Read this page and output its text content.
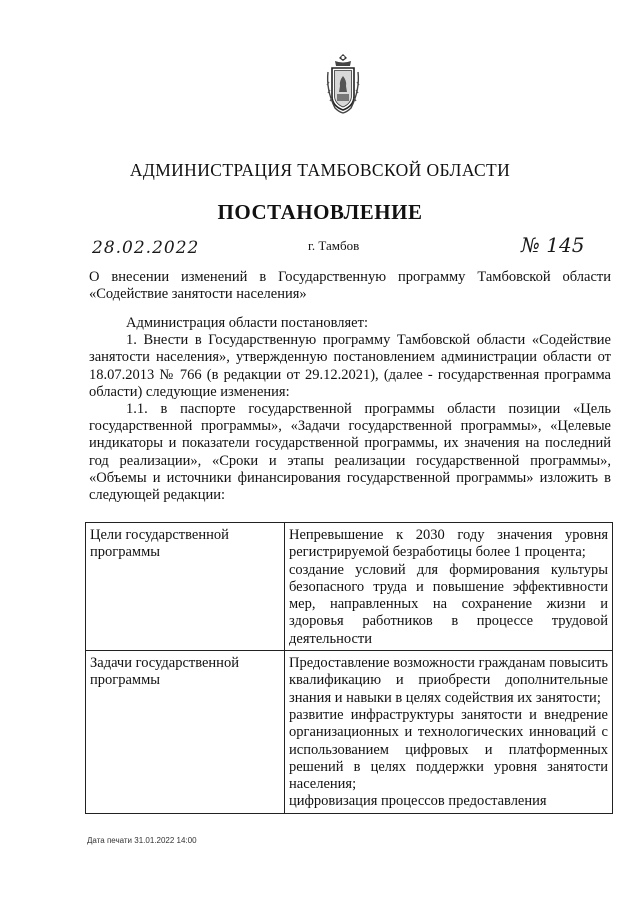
АДМИНИСТРАЦИЯ ТАМБОВСКОЙ ОБЛАСТИ
ПОСТАНОВЛЕНИЕ
28.02.2022	г. Тамбов	№ 145
О внесении изменений в Государственную программу Тамбовской области «Содействие занятости населения»

Администрация области постановляет:

1. Внести в Государственную программу Тамбовской области «Содействие занятости населения», утвержденную постановлением администрации области от 18.07.2013 № 766 (в редакции от 29.12.2021), (далее - государственная программа области) следующие изменения:

1.1. в паспорте государственной программы области позиции «Цель государственной программы», «Задачи государственной программы», «Целевые индикаторы и показатели государственной программы, их значения на последний год реализации», «Сроки и этапы реализации государственной программы», «Объемы и источники финансирования государственной программы» изложить в следующей редакции:

Цели государственной программы	Непревышение к 2030 году значения уровня регистрируемой безработицы более 1 процента;
создание условий для формирования культуры безопасного труда и повышение эффективности мер, направленных на сохранение жизни и здоровья работников в процессе трудовой деятельности

Задачи государственной программы	Предоставление возможности гражданам повысить квалификацию и приобрести дополнительные знания и навыки в целях содействия их занятости;
развитие инфраструктуры занятости и внедрение организационных и технологических инноваций с использованием цифровых и платформенных решений в целях поддержки уровня занятости населения;
цифровизация процессов предоставления
Дата печати 31.01.2022 14:00
